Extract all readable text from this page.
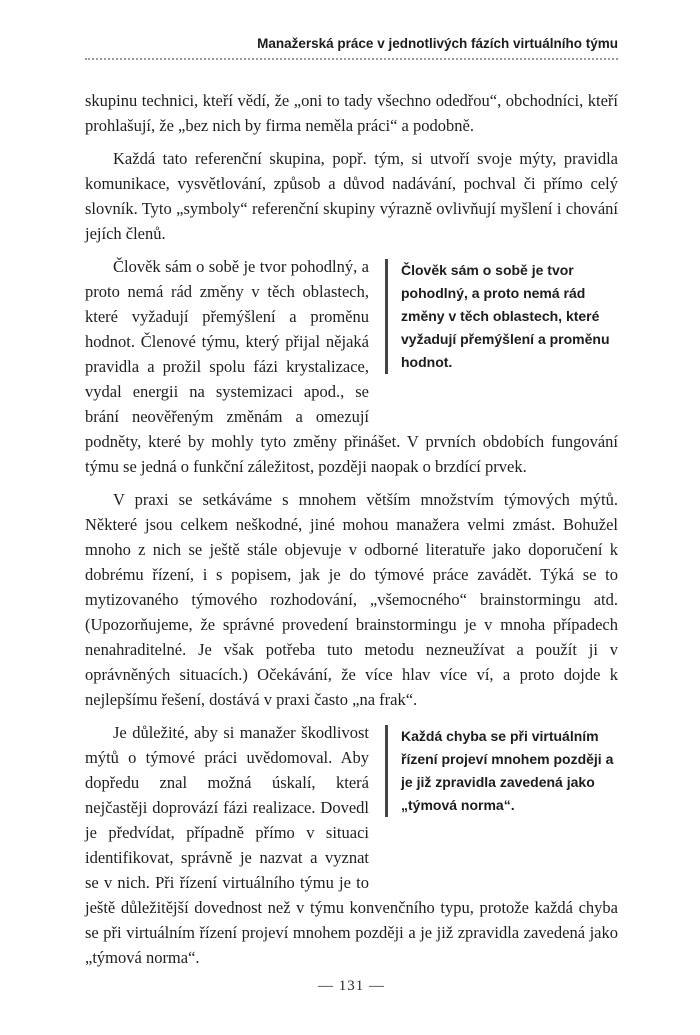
Manažerská práce v jednotlivých fázích virtuálního týmu

skupinu technici, kteří vědí, že „oni to tady všechno odedřou“, obchodníci, kteří prohlašují, že „bez nich by firma neměla práci“ a podobně.

Každá tato referenční skupina, popř. tým, si utvoří svoje mýty, pravidla komunikace, vysvětlování, způsob a důvod nadávání, pochval či přímo celý slovník. Tyto „symboly“ referenční skupiny výrazně ovlivňují myšlení i chování jejích členů.

Člověk sám o sobě je tvor pohodlný, a proto nemá rád změny v těch oblastech, které vyžadují přemýšlení a proměnu hodnot.

Člověk sám o sobě je tvor pohodlný, a proto nemá rád změny v těch oblastech, které vyžadují přemýšlení a proměnu hodnot. Členové týmu, který přijal nějaká pravidla a prožil spolu fázi krystalizace, vydal energii na systemizaci apod., se brání neověřeným změnám a omezují podněty, které by mohly tyto změny přinášet. V prvních obdobích fungování týmu se jedná o funkční záležitost, později naopak o brzdící prvek.

V praxi se setkáváme s mnohem větším množstvím týmových mýtů. Některé jsou celkem neškodné, jiné mohou manažera velmi zmást. Bohužel mnoho z nich se ještě stále objevuje v odborné literatuře jako doporučení k dobrému řízení, i s popisem, jak je do týmové práce zavádět. Týká se to mytizovaného týmového rozhodování, „všemocného“ brainstormingu atd. (Upozorňujeme, že správné provedení brainstormingu je v mnoha případech nenahraditelné. Je však potřeba tuto metodu nezneužívat a použít ji v oprávněných situacích.) Očekávání, že více hlav více ví, a proto dojde k nejlepšímu řešení, dostává v praxi často „na frak“.

Každá chyba se při virtuálním řízení projeví mnohem později a je již zpravidla zavedená jako „týmová norma“.

Je důležité, aby si manažer škodlivost mýtů o týmové práci uvědomoval. Aby dopředu znal možná úskalí, která nejčastěji doprovází fázi realizace. Dovedl je předvídat, případně přímo v situaci identifikovat, správně je nazvat a vyznat se v nich. Při řízení virtuálního týmu je to ještě důležitější dovednost než v týmu konvenčního typu, protože každá chyba se při virtuálním řízení projeví mnohem později a je již zpravidla zavedená jako „týmová norma“.

— 131 —
